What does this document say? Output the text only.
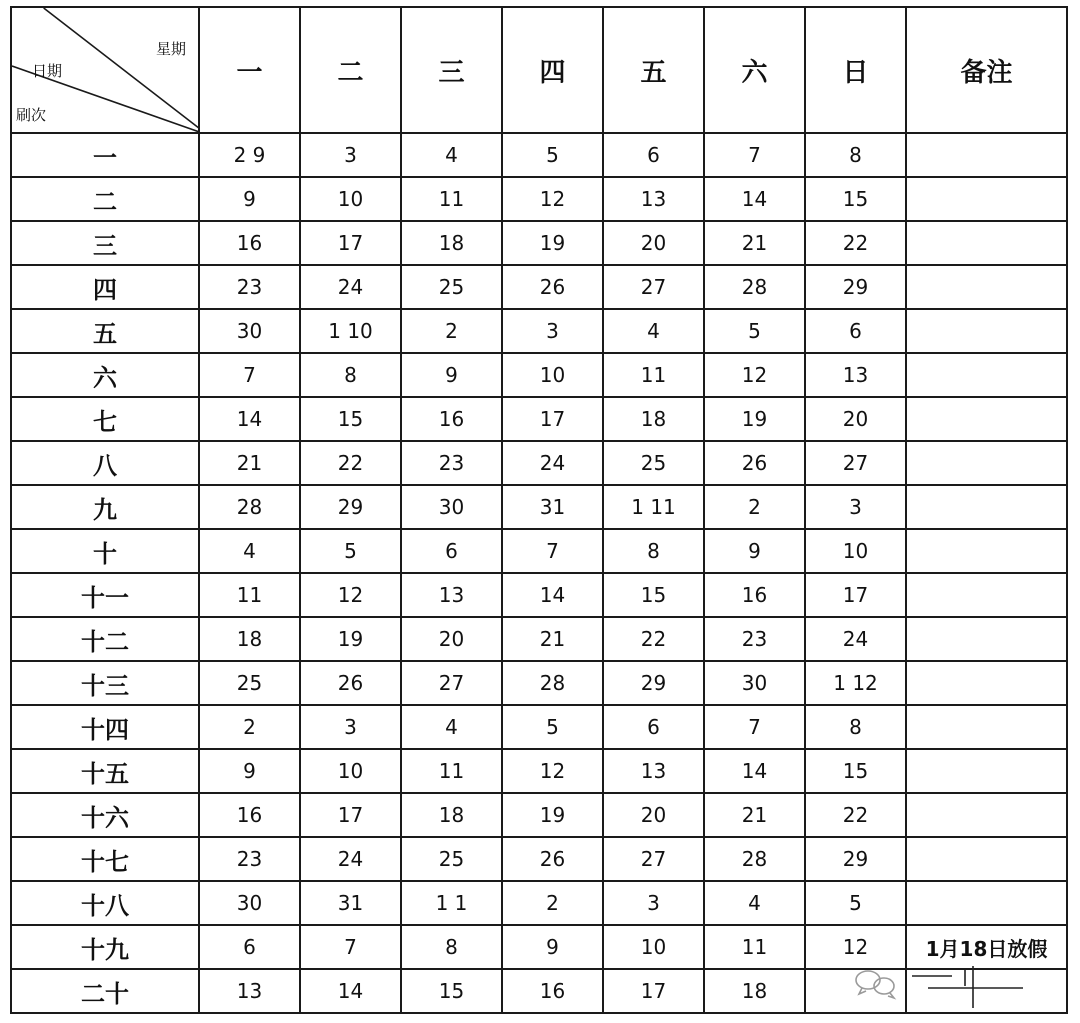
星期
日期
刷次	一	二	三	四	五	六	日	备注
一	2 9	3	4	5	6	7	8	
二	9	10	11	12	13	14	15	
三	16	17	18	19	20	21	22	
四	23	24	25	26	27	28	29	
五	30	1 10	2	3	4	5	6	
六	7	8	9	10	11	12	13	
七	14	15	16	17	18	19	20	
八	21	22	23	24	25	26	27	
九	28	29	30	31	1 11	2	3	
十	4	5	6	7	8	9	10	
十一	11	12	13	14	15	16	17	
十二	18	19	20	21	22	23	24	
十三	25	26	27	28	29	30	1 12	
十四	2	3	4	5	6	7	8	
十五	9	10	11	12	13	14	15	
十六	16	17	18	19	20	21	22	
十七	23	24	25	26	27	28	29	
十八	30	31	1 1	2	3	4	5	
十九	6	7	8	9	10	11	12	1月18日放假
二十	13	14	15	16	17	18		
